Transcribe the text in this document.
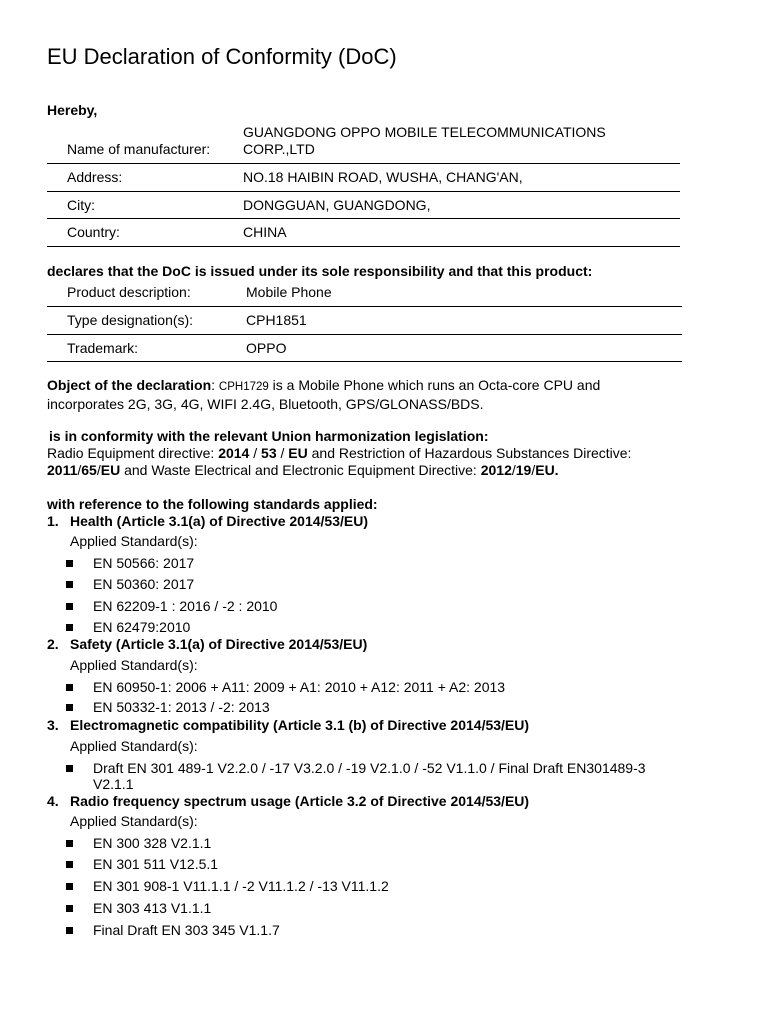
EU Declaration of Conformity (DoC)
Hereby,
Name of manufacturer:	GUANGDONG OPPO MOBILE TELECOMMUNICATIONS CORP.,LTD
Address:	NO.18 HAIBIN ROAD, WUSHA, CHANG'AN,
City:	DONGGUAN, GUANGDONG,
Country:	CHINA
declares that the DoC is issued under its sole responsibility and that this product:
Product description:	Mobile Phone
Type designation(s):	CPH1851
Trademark:	OPPO
Object of the declaration: CPH1729 is a Mobile Phone which runs an Octa-core CPU and
incorporates 2G, 3G, 4G, WIFI 2.4G, Bluetooth, GPS/GLONASS/BDS.
is in conformity with the relevant Union harmonization legislation:
Radio Equipment directive: 2014 / 53 / EU and Restriction of Hazardous Substances Directive:
2011/65/EU and Waste Electrical and Electronic Equipment Directive: 2012/19/EU.
with reference to the following standards applied:
1. Health (Article 3.1(a) of Directive 2014/53/EU)
Applied Standard(s):
EN 50566: 2017
EN 50360: 2017
EN 62209-1 : 2016 / -2 : 2010
EN 62479:2010
2. Safety (Article 3.1(a) of Directive 2014/53/EU)
Applied Standard(s):
EN 60950-1: 2006 + A11: 2009 + A1: 2010 + A12: 2011 + A2: 2013
EN 50332-1: 2013 / -2: 2013
3. Electromagnetic compatibility (Article 3.1 (b) of Directive 2014/53/EU)
Applied Standard(s):
Draft EN 301 489-1 V2.2.0 / -17 V3.2.0 / -19 V2.1.0 / -52 V1.1.0 / Final Draft EN301489-3
V2.1.1
4. Radio frequency spectrum usage (Article 3.2 of Directive 2014/53/EU)
Applied Standard(s):
EN 300 328 V2.1.1
EN 301 511 V12.5.1
EN 301 908-1 V11.1.1 / -2 V11.1.2 / -13 V11.1.2
EN 303 413 V1.1.1
Final Draft EN 303 345 V1.1.7
